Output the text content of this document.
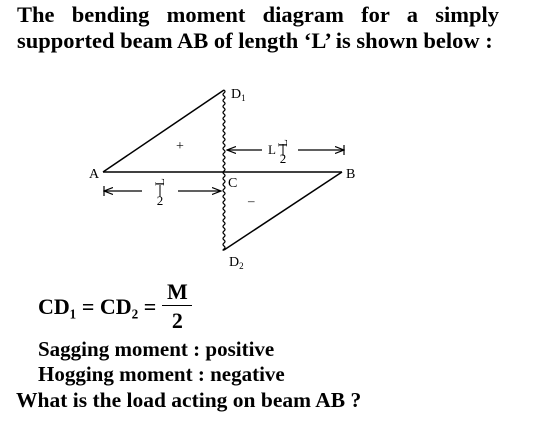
The bending moment diagram for a simply supported beam AB of length ‘L’ is shown below :

A	B
C
$D_1$
$D_2$
+
–
L L
2
L
2
$CD_1 = CD_2 = \frac{M}{2}$

Sagging moment : positive

Hogging moment : negative

What is the load acting on beam AB ?
